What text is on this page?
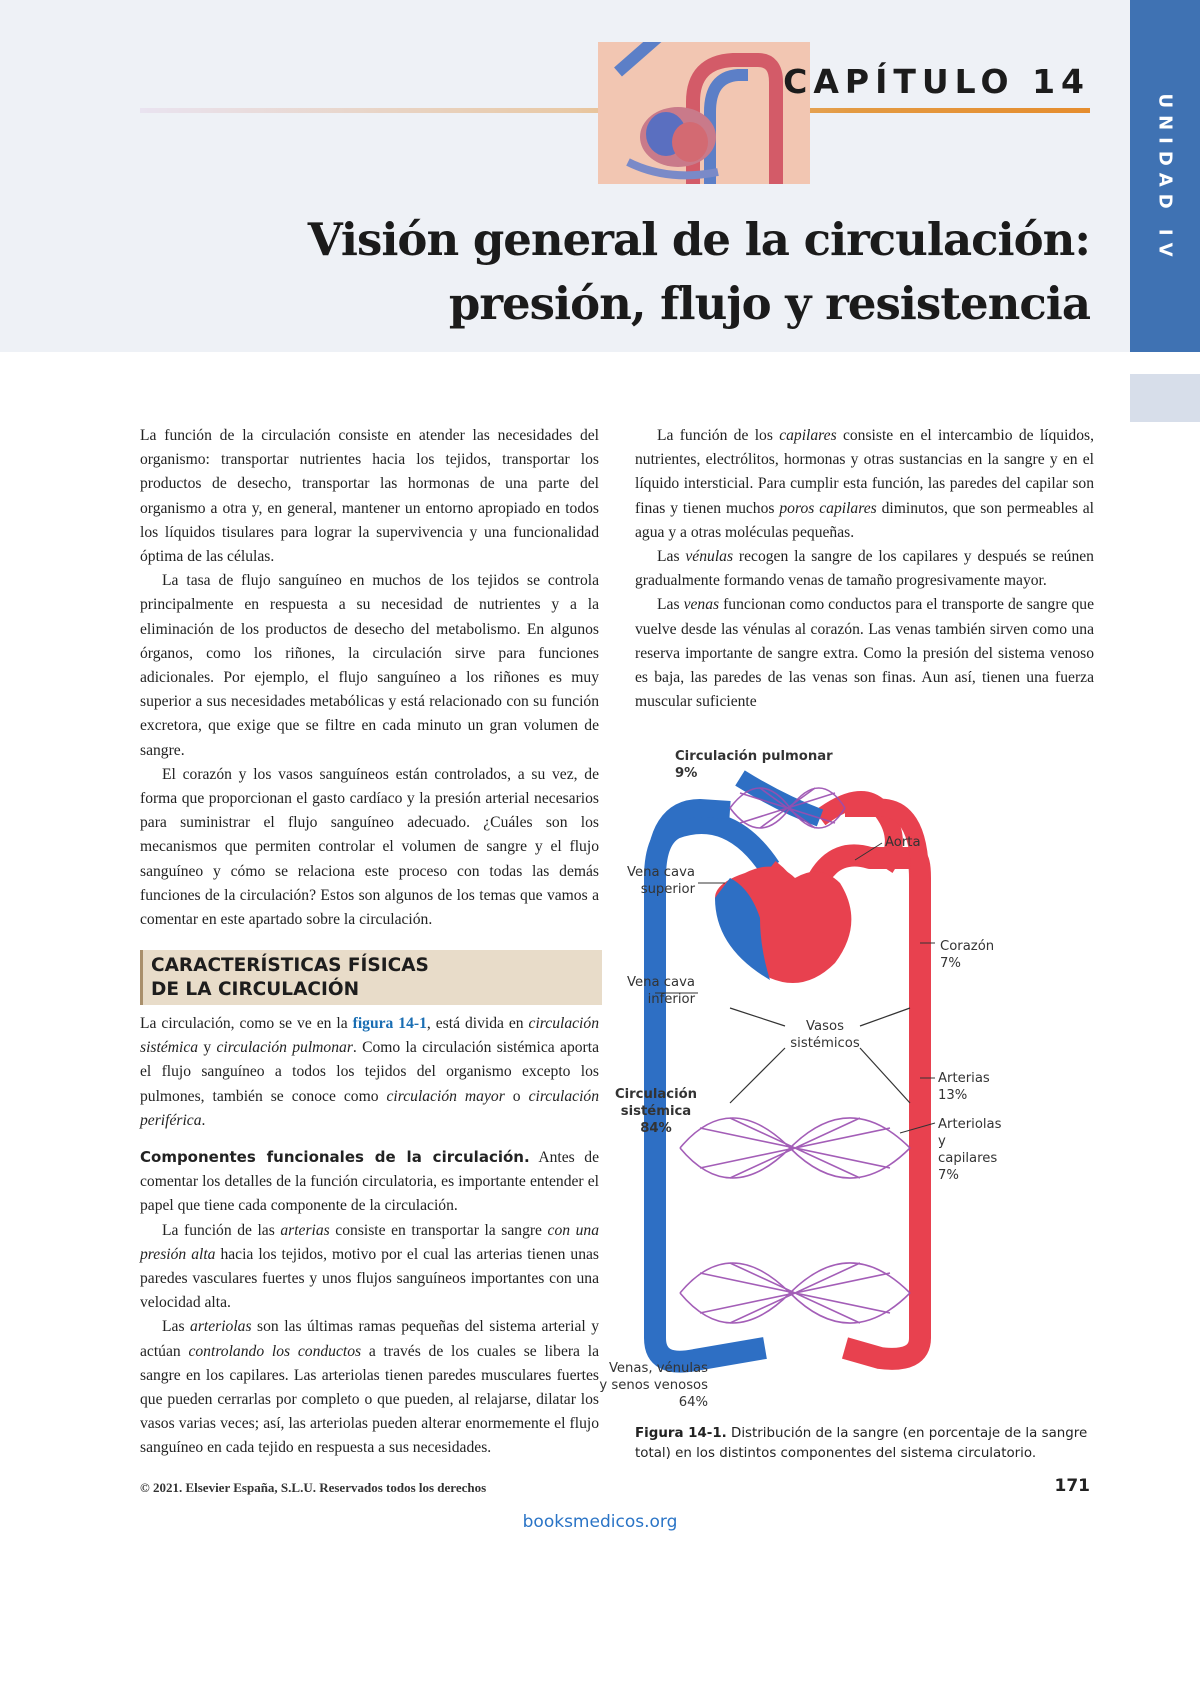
CAPÍTULO 14
Visión general de la circulación:
presión, flujo y resistencia
UNIDAD IV

La función de la circulación consiste en atender las necesidades del organismo: transportar nutrientes hacia los tejidos, transportar los productos de desecho, transportar las hormonas de una parte del organismo a otra y, en general, mantener un entorno apropiado en todos los líquidos tisulares para lograr la supervivencia y una funcionalidad óptima de las células.

La tasa de flujo sanguíneo en muchos de los tejidos se controla principalmente en respuesta a su necesidad de nutrientes y a la eliminación de los productos de desecho del metabolismo. En algunos órganos, como los riñones, la circulación sirve para funciones adicionales. Por ejemplo, el flujo sanguíneo a los riñones es muy superior a sus necesidades metabólicas y está relacionado con su función excretora, que exige que se filtre en cada minuto un gran volumen de sangre.

El corazón y los vasos sanguíneos están controlados, a su vez, de forma que proporcionan el gasto cardíaco y la presión arterial necesarios para suministrar el flujo sanguíneo adecuado. ¿Cuáles son los mecanismos que permiten controlar el volumen de sangre y el flujo sanguíneo y cómo se relaciona este proceso con todas las demás funciones de la circulación? Estos son algunos de los temas que vamos a comentar en este apartado sobre la circulación.

CARACTERÍSTICAS FÍSICAS
DE LA CIRCULACIÓN

La circulación, como se ve en la figura 14-1, está divida en circulación sistémica y circulación pulmonar. Como la circulación sistémica aporta el flujo sanguíneo a todos los tejidos del organismo excepto los pulmones, también se conoce como circulación mayor o circulación periférica.

Componentes funcionales de la circulación. Antes de comentar los detalles de la función circulatoria, es importante entender el papel que tiene cada componente de la circulación.

La función de las arterias consiste en transportar la sangre con una presión alta hacia los tejidos, motivo por el cual las arterias tienen unas paredes vasculares fuertes y unos flujos sanguíneos importantes con una velocidad alta.

Las arteriolas son las últimas ramas pequeñas del sistema arterial y actúan controlando los conductos a través de los cuales se libera la sangre en los capilares. Las arteriolas tienen paredes musculares fuertes que pueden cerrarlas por completo o que pueden, al relajarse, dilatar los vasos varias veces; así, las arteriolas pueden alterar enormemente el flujo sanguíneo en cada tejido en respuesta a sus necesidades.

La función de los capilares consiste en el intercambio de líquidos, nutrientes, electrólitos, hormonas y otras sustancias en la sangre y en el líquido intersticial. Para cumplir esta función, las paredes del capilar son finas y tienen muchos poros capilares diminutos, que son permeables al agua y a otras moléculas pequeñas.

Las vénulas recogen la sangre de los capilares y después se reúnen gradualmente formando venas de tamaño progresivamente mayor.

Las venas funcionan como conductos para el transporte de sangre que vuelve desde las vénulas al corazón. Las venas también sirven como una reserva importante de sangre extra. Como la presión del sistema venoso es baja, las paredes de las venas son finas. Aun así, tienen una fuerza muscular suficiente

Circulación pulmonar
9%
Aorta
Vena cava
superior
Corazón
7%
Vena cava
inferior
Vasos
sistémicos
Circulación
sistémica
84%
Arterias
13%
Arteriolas
y
capilares
7%
Venas, vénulas
y senos venosos
64%
Figura 14-1. Distribución de la sangre (en porcentaje de la sangre total) en los distintos componentes del sistema circulatorio.
© 2021. Elsevier España, S.L.U. Reservados todos los derechos	171
booksmedicos.org
